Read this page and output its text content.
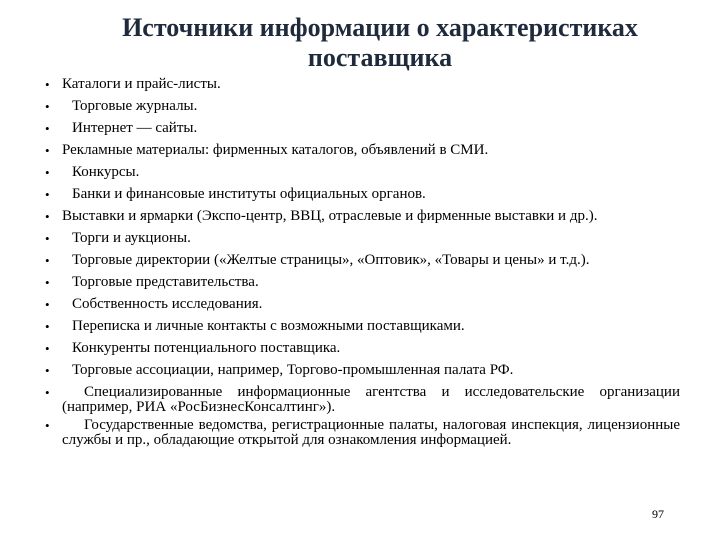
Источники информации о характеристиках поставщика
• Каталоги и прайс-листы.
•	Торговые журналы.
•	Интернет — сайты.
• Рекламные материалы: фирменных каталогов, объявлений в СМИ.
•	Конкурсы.
•	Банки и финансовые институты официальных органов.
• Выставки и ярмарки (Экспо-центр, ВВЦ, отраслевые и фирменные выставки и др.).
•	Торги и аукционы.
•	Торговые директории («Желтые страницы», «Оптовик», «Товары и цены» и т.д.).
•	Торговые представительства.
•	Собственность исследования.
•	Переписка и личные контакты с возможными поставщиками.
•	Конкуренты потенциального поставщика.
•	Торговые ассоциации, например, Торгово-промышленная палата РФ.
•	Специализированные информационные агентства и исследовательские организации (например, РИА «РосБизнесКонсалтинг»).
•	Государственные ведомства, регистрационные палаты, налоговая инспекция, лицензионные службы и пр., обладающие открытой для ознакомления информацией.
97
